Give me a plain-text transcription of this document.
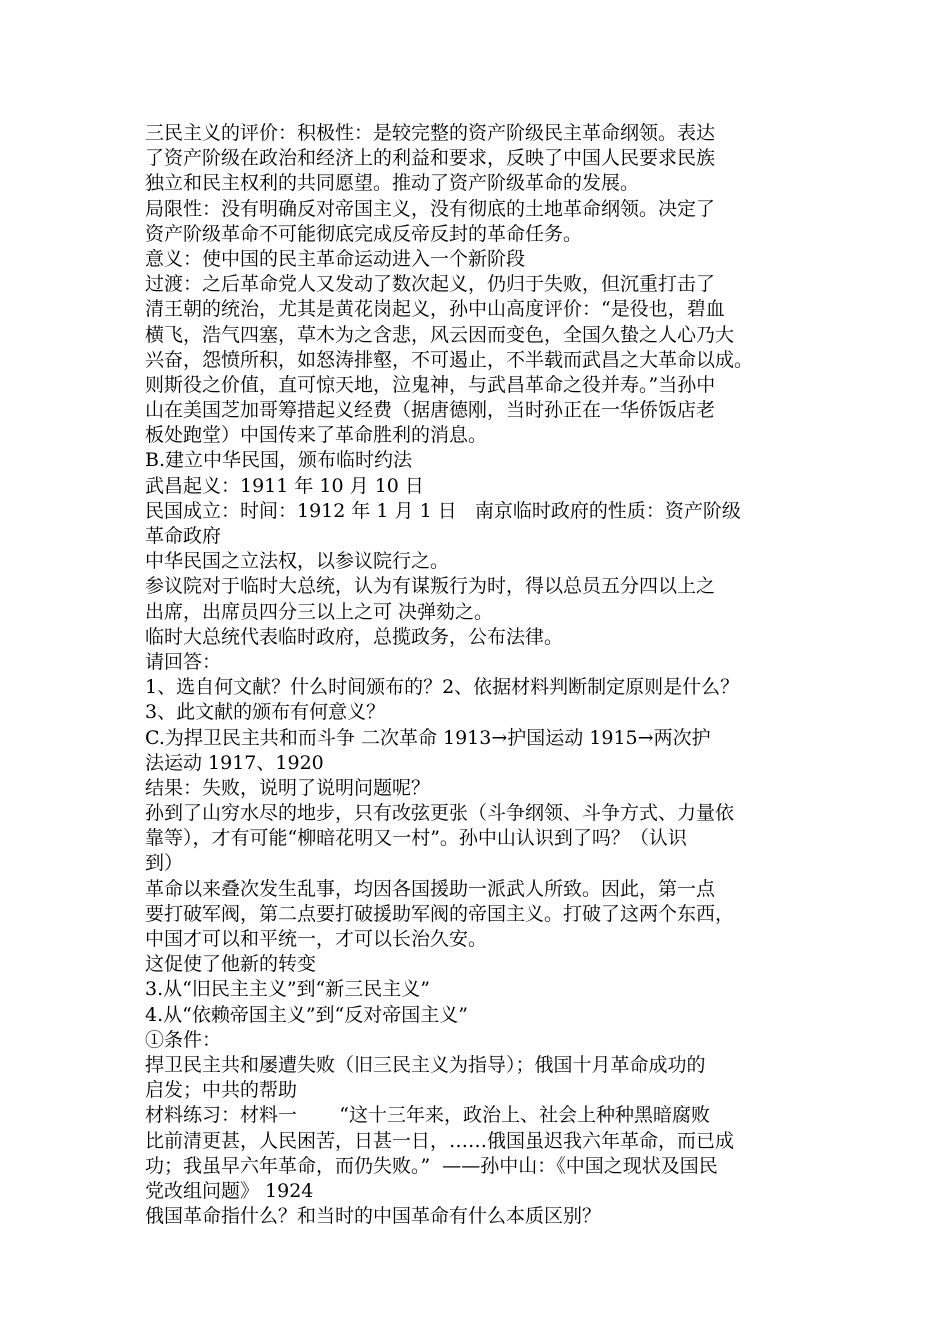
三民主义的评价：积极性：是较完整的资产阶级民主革命纲领。表达
了资产阶级在政治和经济上的利益和要求，反映了中国人民要求民族
独立和民主权利的共同愿望。推动了资产阶级革命的发展。
局限性：没有明确反对帝国主义，没有彻底的土地革命纲领。决定了
资产阶级革命不可能彻底完成反帝反封的革命任务。
意义：使中国的民主革命运动进入一个新阶段
过渡：之后革命党人又发动了数次起义，仍归于失败，但沉重打击了
清王朝的统治，尤其是黄花岗起义，孙中山高度评价：“是役也，碧血
横飞，浩气四塞，草木为之含悲，风云因而变色，全国久蛰之人心乃大
兴奋，怨愤所积，如怒涛排壑，不可遏止，不半载而武昌之大革命以成。
则斯役之价值，直可惊天地，泣鬼神，与武昌革命之役并寿。”当孙中
山在美国芝加哥筹措起义经费（据唐德刚，当时孙正在一华侨饭店老
板处跑堂）中国传来了革命胜利的消息。
B.建立中华民国，颁布临时约法
武昌起义：1911 年 10 月 10 日
民国成立：时间：1912 年 1 月 1 日   南京临时政府的性质：资产阶级
革命政府
中华民国之立法权，以参议院行之。
参议院对于临时大总统，认为有谋叛行为时，得以总员五分四以上之
出席，出席员四分三以上之可 决弹劾之。
临时大总统代表临时政府，总揽政务，公布法律。
请回答：
1、选自何文献？什么时间颁布的？2、依据材料判断制定原则是什么？
3、此文献的颁布有何意义？
C.为捍卫民主共和而斗争 二次革命 1913→护国运动 1915→两次护
法运动 1917、1920
结果：失败，说明了说明问题呢？
孙到了山穷水尽的地步，只有改弦更张（斗争纲领、斗争方式、力量依
靠等），才有可能“柳暗花明又一村”。孙中山认识到了吗？（认识
到）
革命以来叠次发生乱事，均因各国援助一派武人所致。因此，第一点
要打破军阀，第二点要打破援助军阀的帝国主义。打破了这两个东西，
中国才可以和平统一，才可以长治久安。
这促使了他新的转变
3.从“旧民主主义”到“新三民主义”
4.从“依赖帝国主义”到“反对帝国主义”
①条件：
捍卫民主共和屡遭失败（旧三民主义为指导）；俄国十月革命成功的
启发；中共的帮助
材料练习：材料一       “这十三年来，政治上、社会上种种黑暗腐败
比前清更甚，人民困苦，日甚一日，……俄国虽迟我六年革命，而已成
功；我虽早六年革命，而仍失败。”  ——孙中山：《中国之现状及国民
党改组问题》 1924
俄国革命指什么？和当时的中国革命有什么本质区别？
